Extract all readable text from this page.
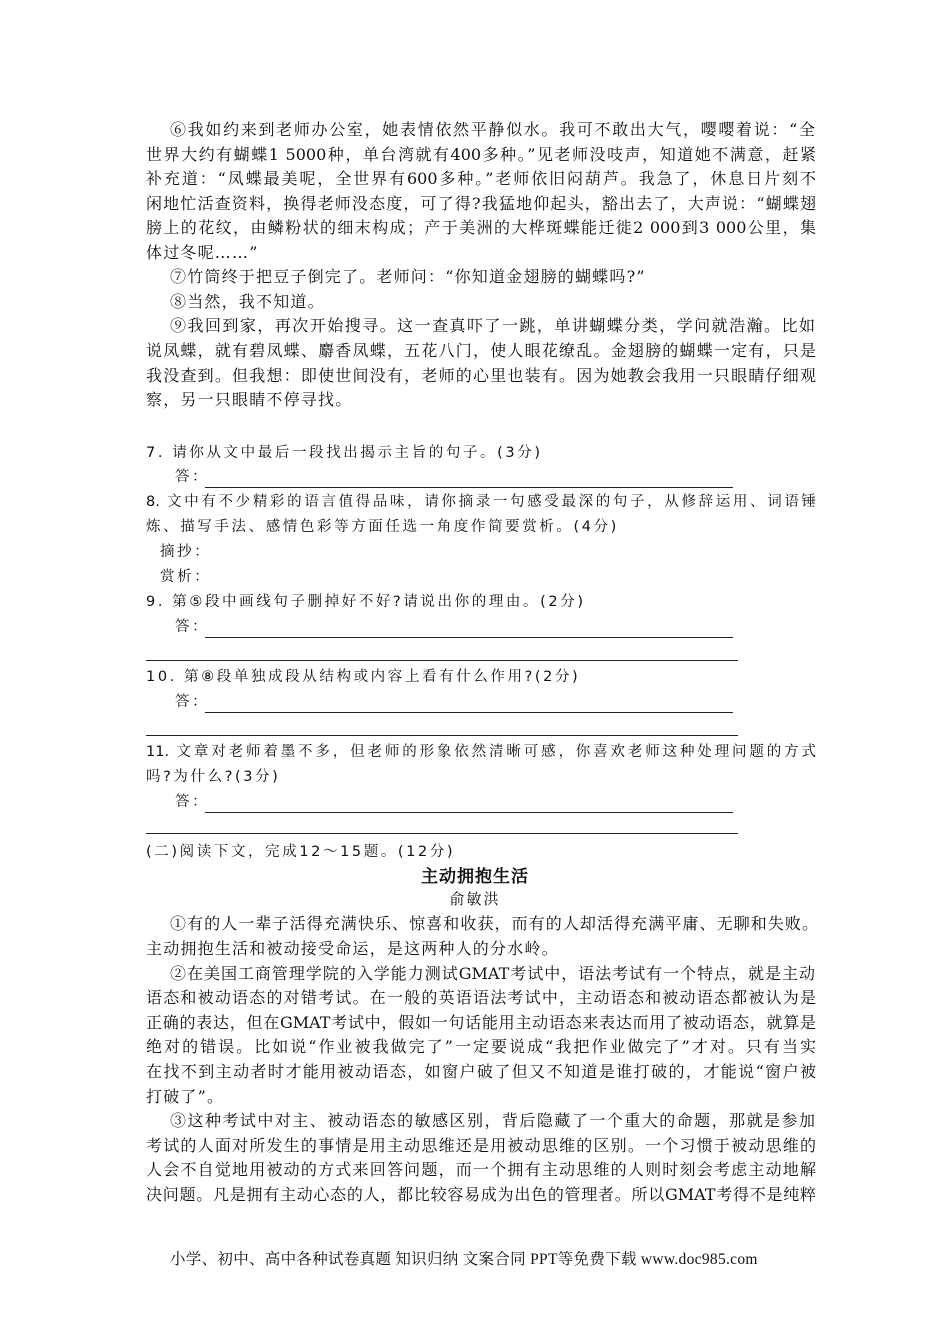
⑥我如约来到老师办公室，她表情依然平静似水。我可不敢出大气，嘤嘤着说：“全
世界大约有蝴蝶1 5000种，单台湾就有400多种。”见老师没吱声，知道她不满意，赶紧
补充道：“凤蝶最美呢，全世界有600多种。”老师依旧闷葫芦。我急了，休息日片刻不
闲地忙活查资料，换得老师没态度，可了得?我猛地仰起头，豁出去了，大声说：“蝴蝶翅
膀上的花纹，由鳞粉状的细末构成；产于美洲的大桦斑蝶能迁徙2 000到3 000公里，集
体过冬呢……”
⑦竹筒终于把豆子倒完了。老师问：“你知道金翅膀的蝴蝶吗?”
⑧当然，我不知道。
⑨我回到家，再次开始搜寻。这一查真吓了一跳，单讲蝴蝶分类，学问就浩瀚。比如
说凤蝶，就有碧凤蝶、麝香凤蝶，五花八门，使人眼花缭乱。金翅膀的蝴蝶一定有，只是
我没查到。但我想：即使世间没有，老师的心里也装有。因为她教会我用一只眼睛仔细观
察，另一只眼睛不停寻找。
7. 请你从文中最后一段找出揭示主旨的句子。(3分)
答：
8. 文中有不少精彩的语言值得品味，请你摘录一句感受最深的句子，从修辞运用、词语锤
炼、描写手法、感情色彩等方面任选一角度作简要赏析。(4分)
摘抄：
赏析：
9. 第⑤段中画线句子删掉好不好?请说出你的理由。(2分)
答：
10. 第⑧段单独成段从结构或内容上看有什么作用?(2分)
答：
11. 文章对老师着墨不多，但老师的形象依然清晰可感，你喜欢老师这种处理问题的方式
吗?为什么?(3分)
答：
(二)阅读下文，完成12～15题。(12分)
主动拥抱生活
俞敏洪
①有的人一辈子活得充满快乐、惊喜和收获，而有的人却活得充满平庸、无聊和失败。
主动拥抱生活和被动接受命运，是这两种人的分水岭。
②在美国工商管理学院的入学能力测试GMAT考试中，语法考试有一个特点，就是主动
语态和被动语态的对错考试。在一般的英语语法考试中，主动语态和被动语态都被认为是
正确的表达，但在GMAT考试中，假如一句话能用主动语态来表达而用了被动语态，就算是
绝对的错误。比如说“作业被我做完了”一定要说成“我把作业做完了”才对。只有当实
在找不到主动者时才能用被动语态，如窗户破了但又不知道是谁打破的，才能说“窗户被
打破了”。
③这种考试中对主、被动语态的敏感区别，背后隐藏了一个重大的命题，那就是参加
考试的人面对所发生的事情是用主动思维还是用被动思维的区别。一个习惯于被动思维的
人会不自觉地用被动的方式来回答问题，而一个拥有主动思维的人则时刻会考虑主动地解
决问题。凡是拥有主动心态的人，都比较容易成为出色的管理者。所以GMAT考得不是纯粹
小学、初中、高中各种试卷真题 知识归纳 文案合同 PPT等免费下载 www.doc985.com
